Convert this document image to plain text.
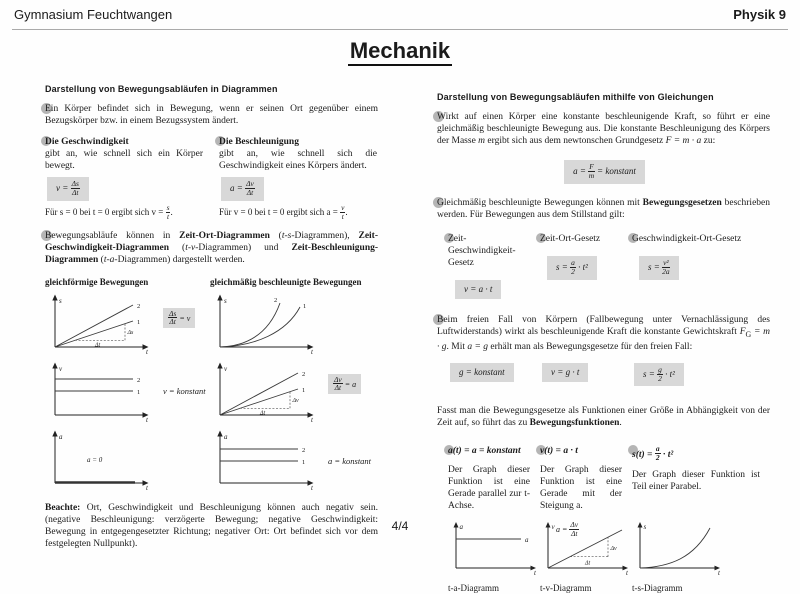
Gymnasium Feuchtwangen	Physik 9
Mechanik
Darstellung von Bewegungsabläufen in Diagrammen

Ein Körper befindet sich in Bewegung, wenn er seinen Ort gegenüber einem Bezugskörper bzw. in einem Bezugssystem ändert.

Die Geschwindigkeit
gibt an, wie schnell sich ein Körper bewegt.
$v = \frac{\Delta s}{\Delta t}$
Für s = 0 bei t = 0 ergibt sich $v = \frac{s}{t}$ .
Die Beschleunigung
gibt an, wie schnell sich die Geschwindigkeit eines Körpers ändert.
$a = \frac{\Delta v}{\Delta t}$
Für v = 0 bei t = 0 ergibt sich $a = \frac{v}{t}$ .

Bewegungsabläufe können in Zeit-Ort-Diagrammen (t-s-Diagrammen), Zeit-Geschwindigkeit-Diagrammen (t-v-Diagrammen) und Zeit-Beschleunigung-Diagrammen (t-a-Diagrammen) dargestellt werden.

gleichförmige Bewegungen	gleichmäßig beschleunigte Bewegungen
s
t
2
1
Δt
Δs
$\frac{\Delta s}{\Delta t} = v$
s
t
2
1
v
t
2
1	v = konstant
v
t
2
1
Δt
Δv
$\frac{\Delta v}{\Delta t} = a$
a
t
a = 0
a
t
2
1	a = konstant

Beachte: Ort, Geschwindigkeit und Beschleunigung können auch negativ sein. (negative Beschleunigung: verzögerte Bewegung; negative Geschwindigkeit: Bewegung in entgegengesetzter Richtung; negativer Ort: Ort befindet sich vor dem festgelegten Nullpunkt).

Darstellung von Bewegungsabläufen mithilfe von Gleichungen

Wirkt auf einen Körper eine konstante beschleunigende Kraft, so führt er eine gleichmäßig beschleunigte Bewegung aus. Die konstante Beschleunigung des Körpers der Masse m ergibt sich aus dem newtonschen Grundgesetz F = m · a zu:

$a = \frac{F}{m}$ = konstant

Gleichmäßig beschleunigte Bewegungen können mit Bewegungsgesetzen beschrieben werden. Für Bewegungen aus dem Stillstand gilt:

Zeit-Geschwindigkeit-Gesetz
v = a · t
Zeit-Ort-Gesetz
$s = \frac{a}{2} \cdot t^2$
Geschwindigkeit-Ort-Gesetz
$s = \frac{\text{v²}}{2a}$

Beim freien Fall von Körpern (Fallbewegung unter Vernachlässigung des Luftwiderstands) wirkt als beschleunigende Kraft die konstante Gewichtskraft $F_G = m \cdot g$. Mit a = g erhält man als Bewegungsgesetze für den freien Fall:

g = konstant	v = g · t	$s = \frac{g}{2} \cdot t^2$

Fasst man die Bewegungsgesetze als Funktionen einer Größe in Abhängigkeit von der Zeit auf, so führt das zu Bewegungsfunktionen.

a(t) = a = konstant
Der Graph dieser Funktion ist eine Gerade parallel zur t-Achse.
v(t) = a · t
Der Graph dieser Funktion ist eine Gerade mit der Steigung a.
$s(t) = \frac{a}{2} \cdot t^2$
Der Graph dieser Funktion ist Teil einer Parabel.
a
t
a
v
t
Δt
Δv
$a = \frac{\Delta v}{\Delta t}$	s
t
t-a-Diagramm	t-v-Diagramm	t-s-Diagramm
4/4
